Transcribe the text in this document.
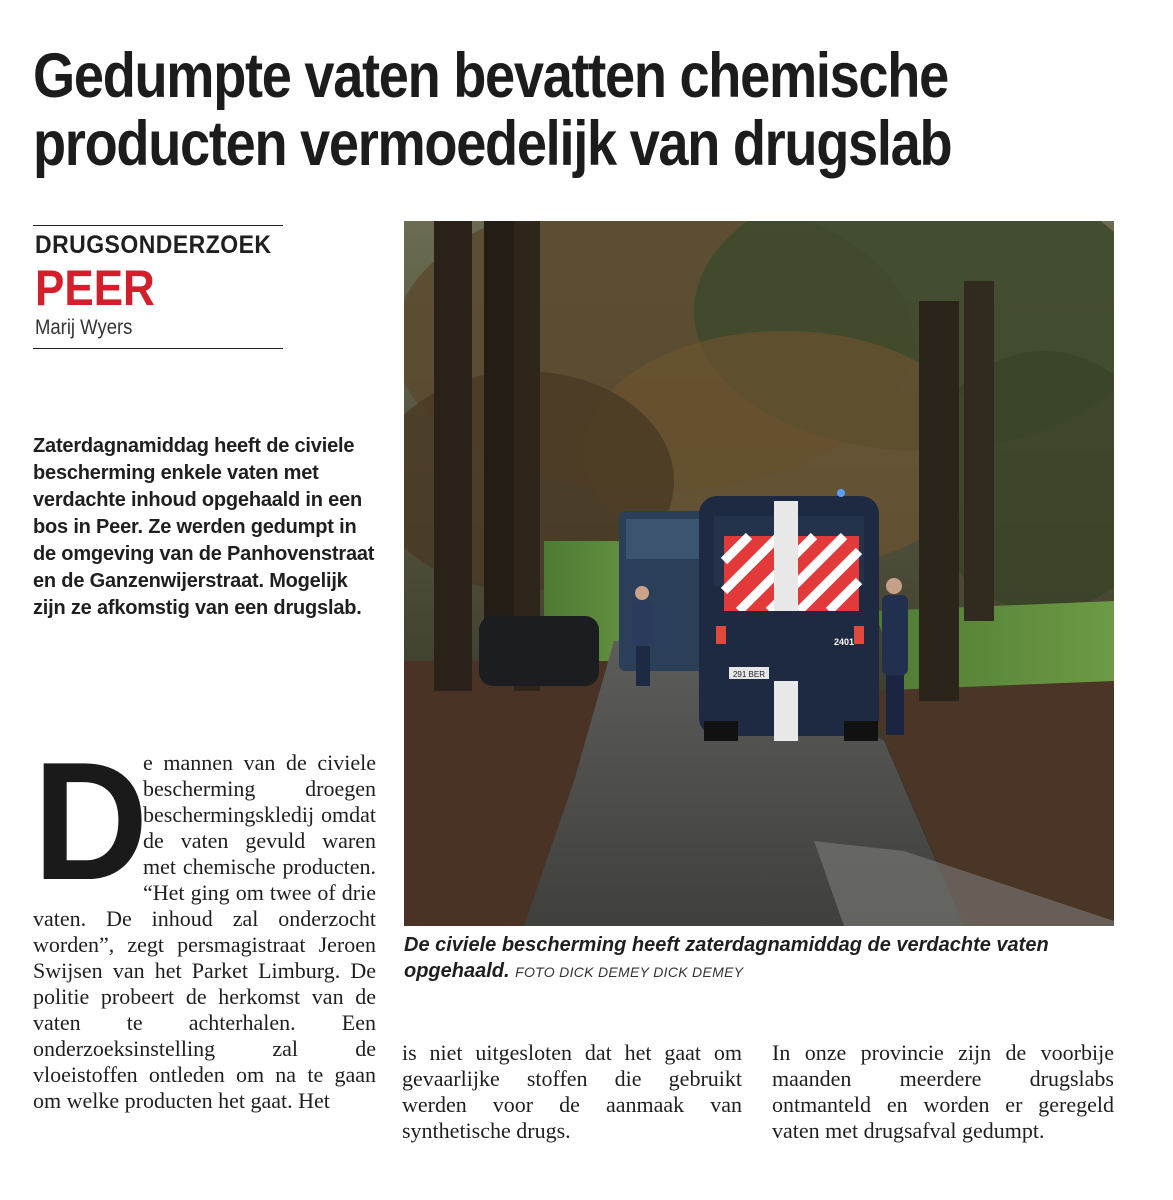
Gedumpte vaten bevatten chemische
producten vermoedelijk van drugslab
DRUGSONDERZOEK
PEER
Marij Wyers
Zaterdagnamiddag heeft de civiele bescherming enkele vaten met verdachte inhoud opgehaald in een bos in Peer. Ze werden gedumpt in de omgeving van de Panhovenstraat en de Ganzenwijerstraat. Mogelijk zijn ze afkomstig van een drugslab.
291 BER
2401
De civiele bescherming heeft zaterdagnamiddag de verdachte vaten opgehaald. FOTO DICK DEMEY DICK DEMEY
D
e mannen van de civiele bescherming droegen beschermingskledij omdat de vaten gevuld waren met chemische producten. “Het ging om twee of drie vaten. De inhoud zal onderzocht worden”, zegt persmagistraat Jeroen Swijsen van het Parket Limburg. De politie probeert de herkomst van de vaten te achterhalen. Een onderzoeksinstelling zal de vloeistoffen ontleden om na te gaan om welke producten het gaat. Het
is niet uitgesloten dat het gaat om gevaarlijke stoffen die gebruikt werden voor de aanmaak van synthetische drugs.
In onze provincie zijn de voorbije maanden meerdere drugslabs ontmanteld en worden er geregeld vaten met drugsafval gedumpt.
